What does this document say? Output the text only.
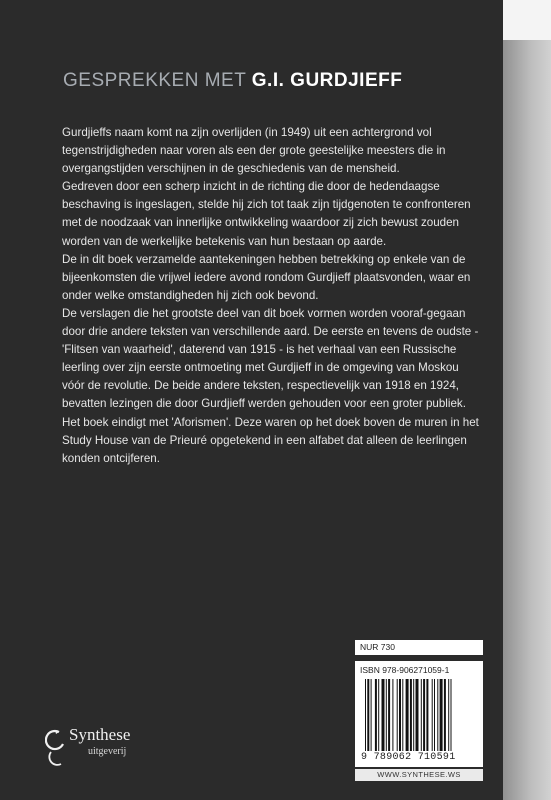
GESPREKKEN MET G.I. GURDJIEFF

Gurdjieffs naam komt na zijn overlijden (in 1949) uit een achtergrond vol tegenstrijdigheden naar voren als een der grote geestelijke meesters die in overgangstijden verschijnen in de geschiedenis van de mensheid.

Gedreven door een scherp inzicht in de richting die door de hedendaagse beschaving is ingeslagen, stelde hij zich tot taak zijn tijdgenoten te confronteren met de noodzaak van innerlijke ontwikkeling waardoor zij zich bewust zouden worden van de werkelijke betekenis van hun bestaan op aarde.

De in dit boek verzamelde aantekeningen hebben betrekking op enkele van de bijeenkomsten die vrijwel iedere avond rondom Gurdjieff plaatsvonden, waar en onder welke omstandigheden hij zich ook bevond.

De verslagen die het grootste deel van dit boek vormen worden vooraf-gegaan door drie andere teksten van verschillende aard. De eerste en tevens de oudste - 'Flitsen van waarheid', daterend van 1915 - is het verhaal van een Russische leerling over zijn eerste ontmoeting met Gurdjieff in de omgeving van Moskou vóór de revolutie. De beide andere teksten, respectievelijk van 1918 en 1924, bevatten lezingen die door Gurdjieff werden gehouden voor een groter publiek.

Het boek eindigt met 'Aforismen'. Deze waren op het doek boven de muren in het Study House van de Prieuré opgetekend in een alfabet dat alleen de leerlingen konden ontcijferen.

Synthese
uitgeverij
NUR 730
ISBN 978-906271059-1
9 789062 710591
WWW.SYNTHESE.WS
